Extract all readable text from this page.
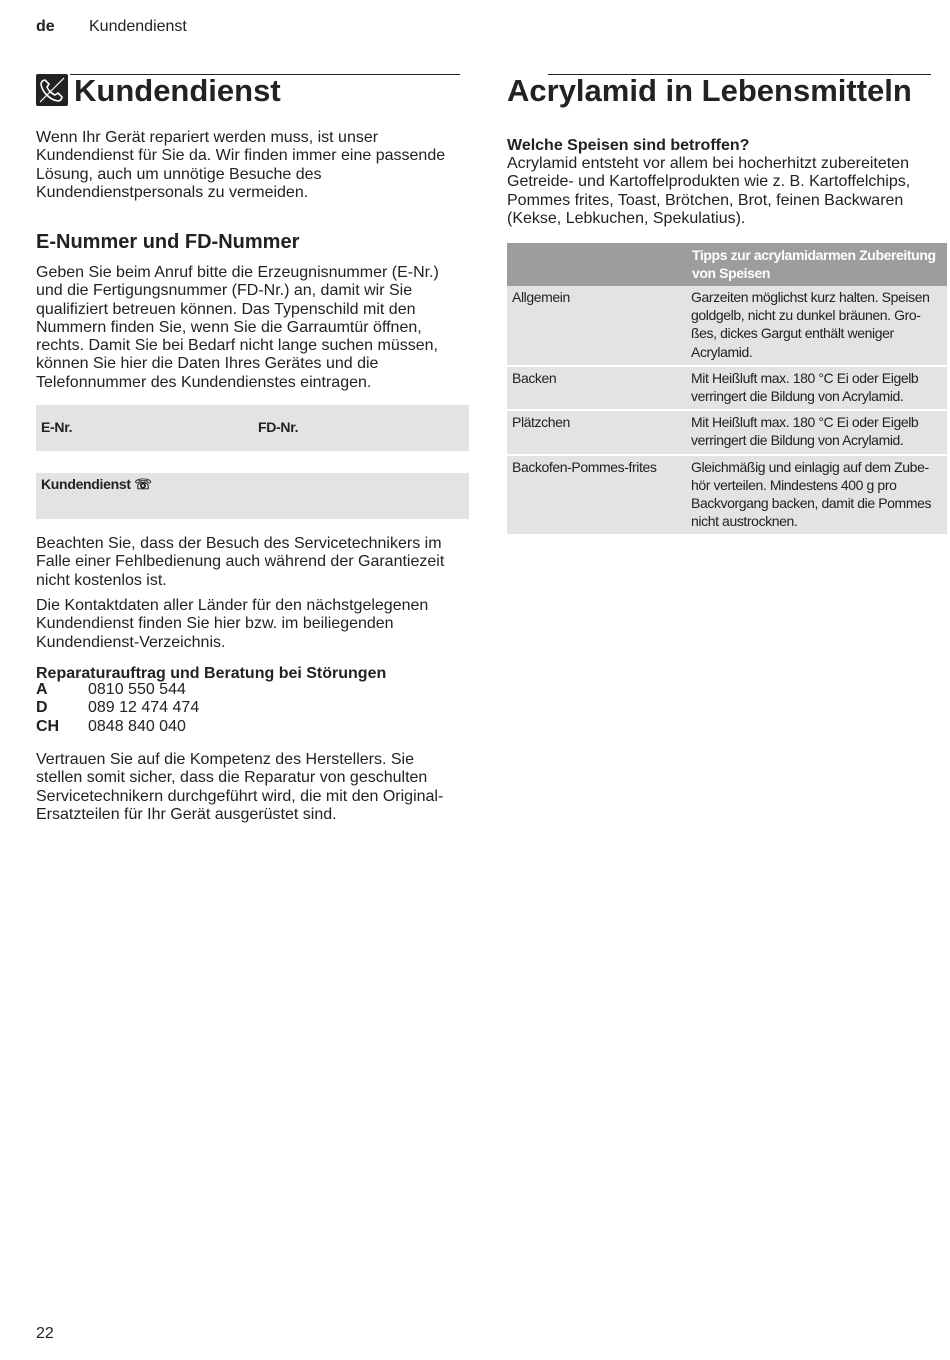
de Kundendienst
Kundendienst
Wenn Ihr Gerät repariert werden muss, ist unser Kundendienst für Sie da. Wir finden immer eine passende Lösung, auch um unnötige Besuche des Kundendienstpersonals zu vermeiden.
E-Nummer und FD-Nummer
Geben Sie beim Anruf bitte die Erzeugnisnummer (E-Nr.) und die Fertigungsnummer (FD-Nr.) an, damit wir Sie qualifiziert betreuen können. Das Typenschild mit den Nummern finden Sie, wenn Sie die Garraumtür öffnen, rechts. Damit Sie bei Bedarf nicht lange suchen müssen, können Sie hier die Daten Ihres Gerätes und die Telefonnummer des Kundendienstes eintragen.
E-Nr.	FD-Nr.
Kundendienst ☏
Beachten Sie, dass der Besuch des Servicetechnikers im Falle einer Fehlbedienung auch während der Garantiezeit nicht kostenlos ist.
Die Kontaktdaten aller Länder für den nächstgelegenen Kundendienst finden Sie hier bzw. im beiliegenden Kundendienst-Verzeichnis.
Reparaturauftrag und Beratung bei Störungen
A	0810 550 544
D	089 12 474 474
CH 0848 840 040
Vertrauen Sie auf die Kompetenz des Herstellers. Sie stellen somit sicher, dass die Reparatur von geschulten Servicetechnikern durchgeführt wird, die mit den Original-Ersatzteilen für Ihr Gerät ausgerüstet sind.
Acrylamid in Lebensmitteln
Welche Speisen sind betroffen?
Acrylamid entsteht vor allem bei hocherhitzt zubereiteten Getreide- und Kartoffelprodukten wie z. B. Kartoffelchips, Pommes frites, Toast, Brötchen, Brot, feinen Backwaren (Kekse, Lebkuchen, Spekulatius).
	Tipps zur acrylamidarmen Zubereitung von Speisen
Allgemein	Garzeiten möglichst kurz halten. Speisen goldgelb, nicht zu dunkel bräunen. Gro-ßes, dickes Gargut enthält weniger Acrylamid.
Backen	Mit Heißluft max. 180 °C Ei oder Eigelb verringert die Bildung von Acrylamid.
Plätzchen	Mit Heißluft max. 180 °C Ei oder Eigelb verringert die Bildung von Acrylamid.
Backofen-Pommes-frites	Gleichmäßig und einlagig auf dem Zube-hör verteilen. Mindestens 400 g pro Backvorgang backen, damit die Pommes nicht austrocknen.
22
